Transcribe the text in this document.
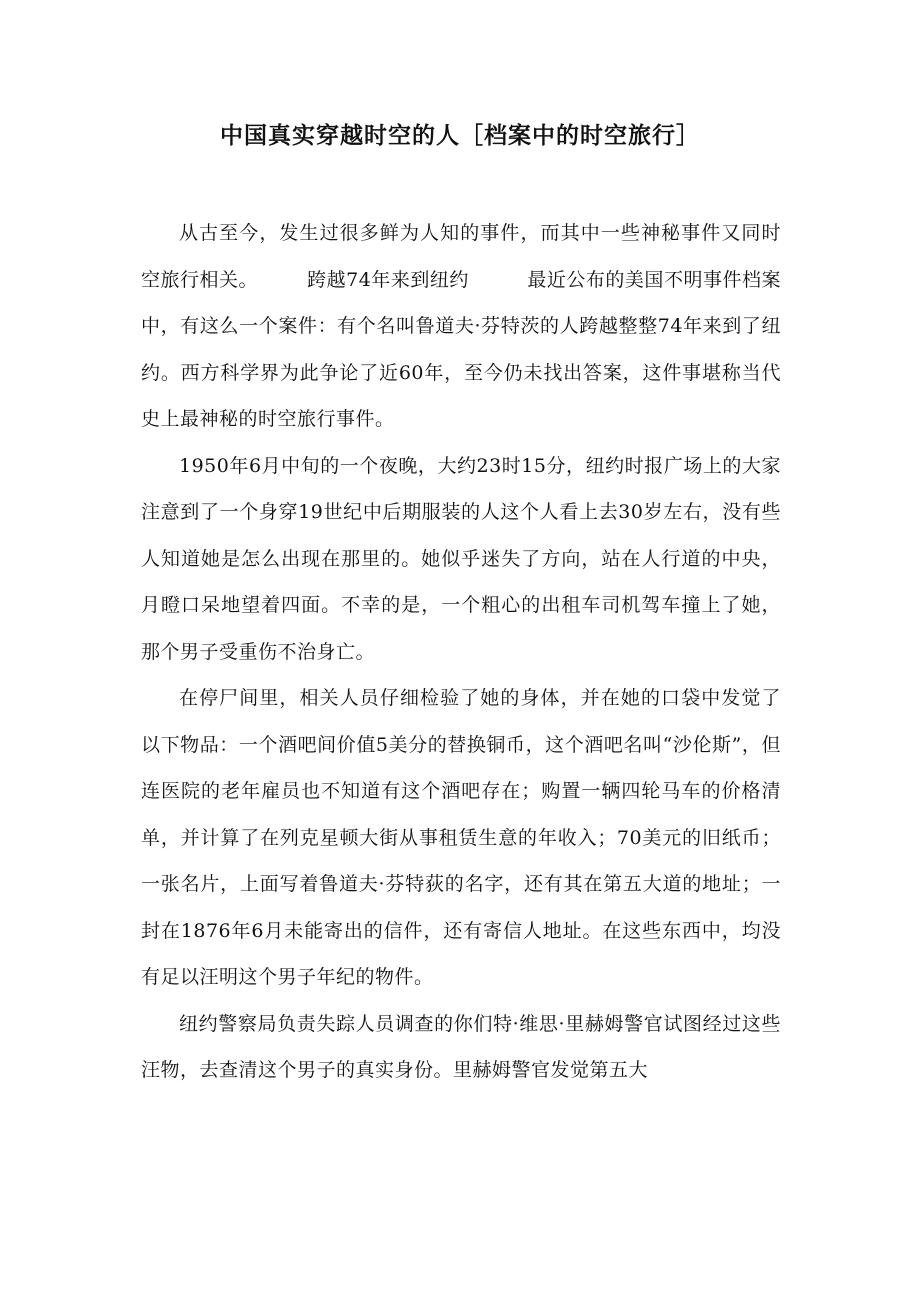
中国真实穿越时空的人［档案中的时空旅行］

从古至今，发生过很多鲜为人知的事件，而其中一些神秘事件又同时空旅行相关。　　　跨越74年来到纽约　　　最近公布的美国不明事件档案中，有这么一个案件：有个名叫鲁道夫·芬特茨的人跨越整整74年来到了纽约。西方科学界为此争论了近60年，至今仍未找出答案，这件事堪称当代史上最神秘的时空旅行事件。

1950年6月中旬的一个夜晚，大约23时15分，纽约时报广场上的大家注意到了一个身穿19世纪中后期服装的人这个人看上去30岁左右，没有些人知道她是怎么出现在那里的。她似乎迷失了方向，站在人行道的中央，月瞪口呆地望着四面。不幸的是，一个粗心的出租车司机驾车撞上了她，那个男子受重伤不治身亡。

在停尸间里，相关人员仔细检验了她的身体，并在她的口袋中发觉了以下物品：一个酒吧间价值5美分的替换铜币，这个酒吧名叫“沙伦斯”，但连医院的老年雇员也不知道有这个酒吧存在；购置一辆四轮马车的价格清单，并计算了在列克星顿大街从事租赁生意的年收入；70美元的旧纸币；一张名片，上面写着鲁道夫·芬特荻的名字，还有其在第五大道的地址；一封在1876年6月未能寄出的信件，还有寄信人地址。在这些东西中，均没有足以汪明这个男子年纪的物件。

纽约警察局负责失踪人员调查的你们特·维思·里赫姆警官试图经过这些汪物，去查清这个男子的真实身份。里赫姆警官发觉第五大
